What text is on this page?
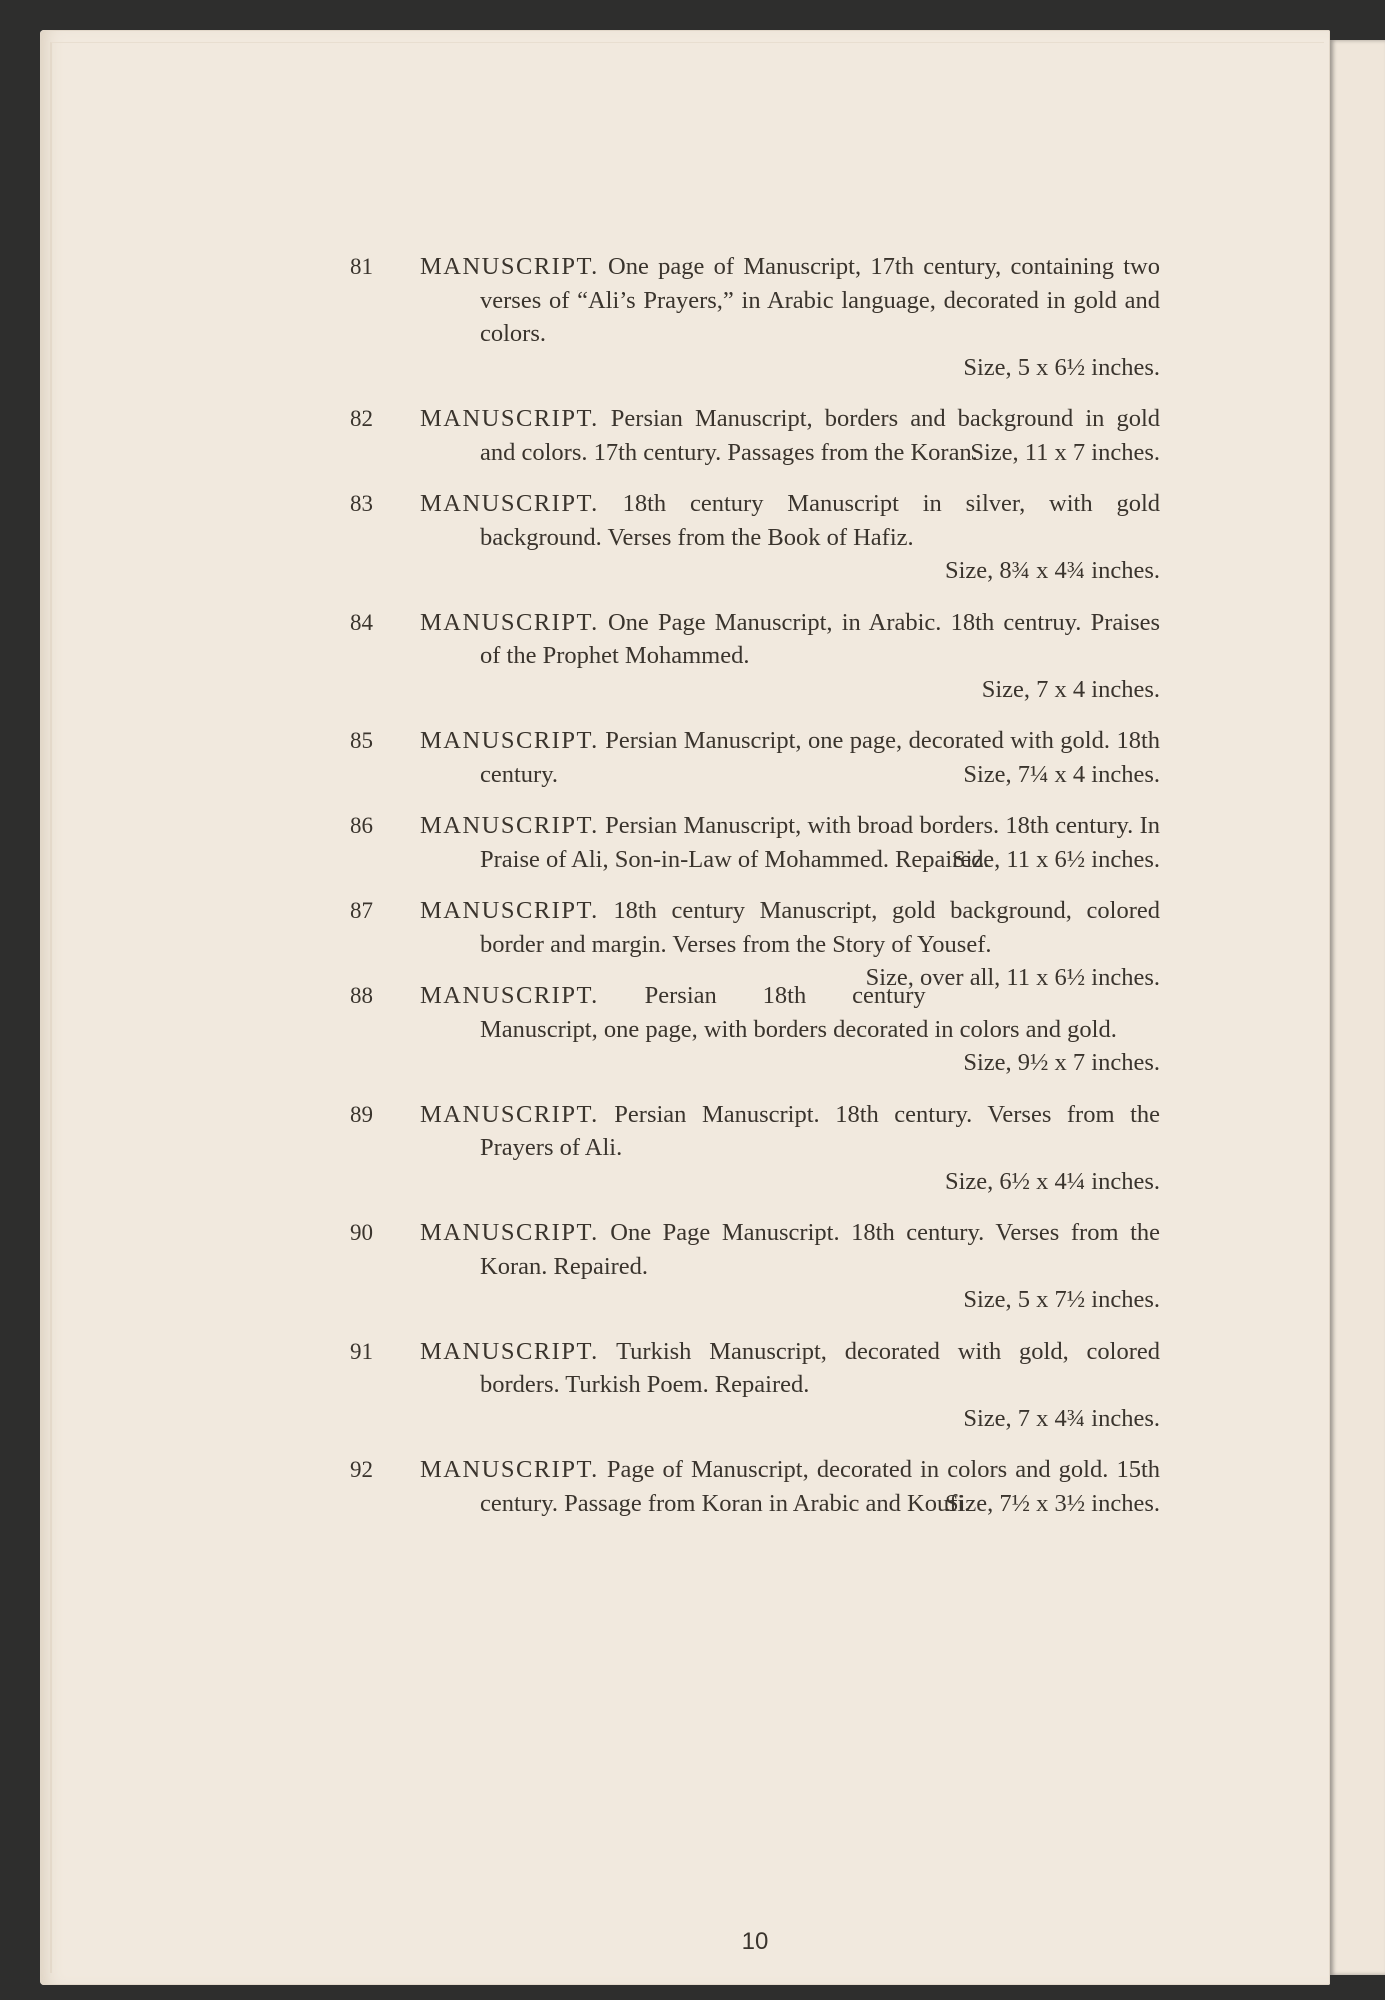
81 MANUSCRIPT. One page of Manuscript, 17th century, containing two verses of “Ali’s Prayers,” in Arabic language, decorated in gold and colors.
Size, 5 x 6½ inches.
82 MANUSCRIPT. Persian Manuscript, borders and background in gold and colors. 17th century. Passages from the Koran.
Size, 11 x 7 inches.
83 MANUSCRIPT. 18th century Manuscript in silver, with gold background. Verses from the Book of Hafiz.
Size, 8¾ x 4¾ inches.
84 MANUSCRIPT. One Page Manuscript, in Arabic. 18th centruy. Praises of the Prophet Mohammed.
Size, 7 x 4 inches.
85 MANUSCRIPT. Persian Manuscript, one page, decorated with gold. 18th century.	Size, 7¼ x 4 inches.
86 MANUSCRIPT. Persian Manuscript, with broad borders. 18th century. In Praise of Ali, Son-in-Law of Mohammed. Repaired.
Size, 11 x 6½ inches.
87 MANUSCRIPT. 18th century Manuscript, gold background, colored border and margin. Verses from the Story of Yousef.
Size, over all, 11 x 6½ inches.
88 MANUSCRIPT. Persian 18th century Manuscript, one page, with borders decorated in colors and gold.
Size, 9½ x 7 inches.
89 MANUSCRIPT. Persian Manuscript. 18th century. Verses from the Prayers of Ali.
Size, 6½ x 4¼ inches.
90 MANUSCRIPT. One Page Manuscript. 18th century. Verses from the Koran. Repaired.
Size, 5 x 7½ inches.
91 MANUSCRIPT. Turkish Manuscript, decorated with gold, colored borders. Turkish Poem. Repaired.
Size, 7 x 4¾ inches.
92 MANUSCRIPT. Page of Manuscript, decorated in colors and gold. 15th century. Passage from Koran in Arabic and Koufi.
Size, 7½ x 3½ inches.
10
